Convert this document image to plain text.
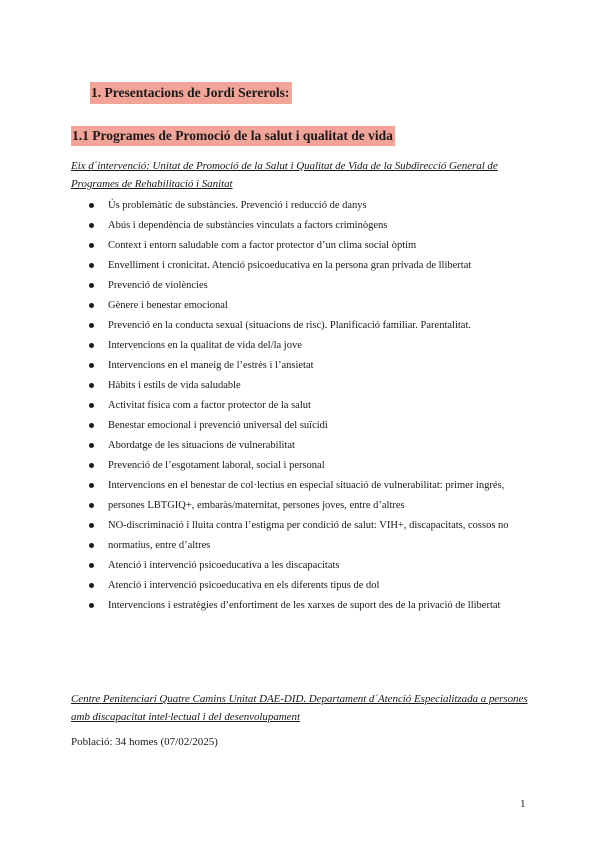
1. Presentacions de Jordi Sererols:
1.1 Programes de Promoció de la salut i qualitat de vida
Eix d´intervenció: Unitat de Promoció de la Salut i Qualitat de Vida de la Subdirecció General de Programes de Rehabilitació i Sanitat
Ús problemàtic de substàncies. Prevenció i reducció de danys
Abús i dependència de substàncies vinculats a factors criminògens
Context i entorn saludable com a factor protector d’un clima social òptim
Envelliment i cronicitat. Atenció psicoeducativa en la persona gran privada de llibertat
Prevenció de violències
Gènere i benestar emocional
Prevenció en la conducta sexual (situacions de risc). Planificació familiar. Parentalitat.
Intervencions en la qualitat de vida del/la jove
Intervencions en el maneig de l’estrès i l’ansietat
Hàbits i estils de vida saludable
Activitat física com a factor protector de la salut
Benestar emocional i prevenció universal del suïcidi
Abordatge de les situacions de vulnerabilitat
Prevenció de l’esgotament laboral, social i personal
Intervencions en el benestar de col·lectius en especial situació de vulnerabilitat: primer ingrés,
persones LBTGIQ+, embaràs/maternitat, persones joves, entre d’altres
NO-discriminació i lluita contra l’estigma per condició de salut: VIH+, discapacitats, cossos no
normatius, entre d’altres
Atenció i intervenció psicoeducativa a les discapacitats
Atenció i intervenció psicoeducativa en els diferents tipus de dol
Intervencions i estratègies d’enfortiment de les xarxes de suport des de la privació de llibertat
Centre Penitenciari Quatre Camins Unitat DAE-DID. Departament d´Atenció Especialitzada a persones amb discapacitat intel·lectual i del desenvolupament
Població: 34 homes (07/02/2025)
1
